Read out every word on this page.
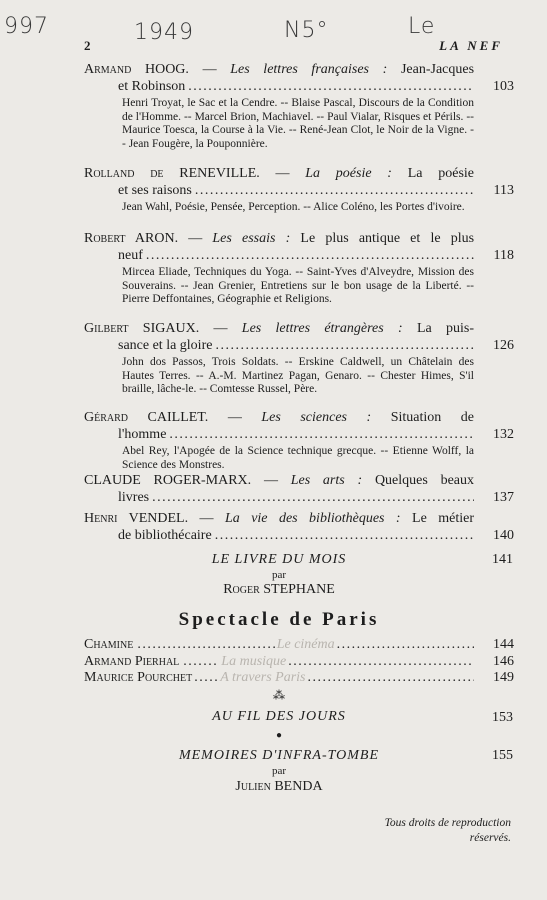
997	1949	N5°	Le
2	LA NEF
Armand HOOG. — Les lettres françaises : Jean-Jacques
et Robinson . . .	103
Henri Troyat, le Sac et la Cendre. -- Blaise Pascal, Discours de la Condition de l'Homme. -- Marcel Brion, Machiavel. -- Paul Vialar, Risques et Périls. -- Maurice Toesca, la Course à la Vie. -- René-Jean Clot, le Noir de la Vigne. -- Jean Fougère, la Pouponnière.
Rolland de RENEVILLE. — La poésie : La poésie
et ses raisons . . .	113
Jean Wahl, Poésie, Pensée, Perception. -- Alice Coléno, les Portes d'ivoire.
Robert ARON. — Les essais : Le plus antique et le plus
neuf . . .	118
Mircea Eliade, Techniques du Yoga. -- Saint-Yves d'Alveydre, Mission des Souverains. -- Jean Grenier, Entretiens sur le bon usage de la Liberté. -- Pierre Deffontaines, Géographie et Religions.
Gilbert SIGAUX. — Les lettres étrangères : La puis-
sance et la gloire . . .	126
John dos Passos, Trois Soldats. -- Erskine Caldwell, un Châtelain des Hautes Terres. -- A.-M. Martinez Pagan, Genaro. -- Chester Himes, S'il braille, lâche-le. -- Comtesse Russel, Père.
Gérard CAILLET. — Les sciences : Situation de
l'homme . . .	132
Abel Rey, l'Apogée de la Science technique grecque. -- Etienne Wolff, la Science des Monstres.
CLAUDE ROGER-MARX. — Les arts : Quelques beaux
livres . . .	137
Henri VENDEL. — La vie des bibliothèques : Le métier
de bibliothécaire . . .	140
LE LIVRE DU MOIS	141
par
Roger STEPHANE
Spectacle de Paris
Chamine . . .	Le cinéma . . .	144
Armand Pierhal . . .	La musique . . .	146
Maurice Pourchet . . . A travers Paris . . .	149
⁂
AU FIL DES JOURS	153
●
MEMOIRES D'INFRA-TOMBE	155
par
Julien BENDA
Tous droits de reproduction
réservés.
